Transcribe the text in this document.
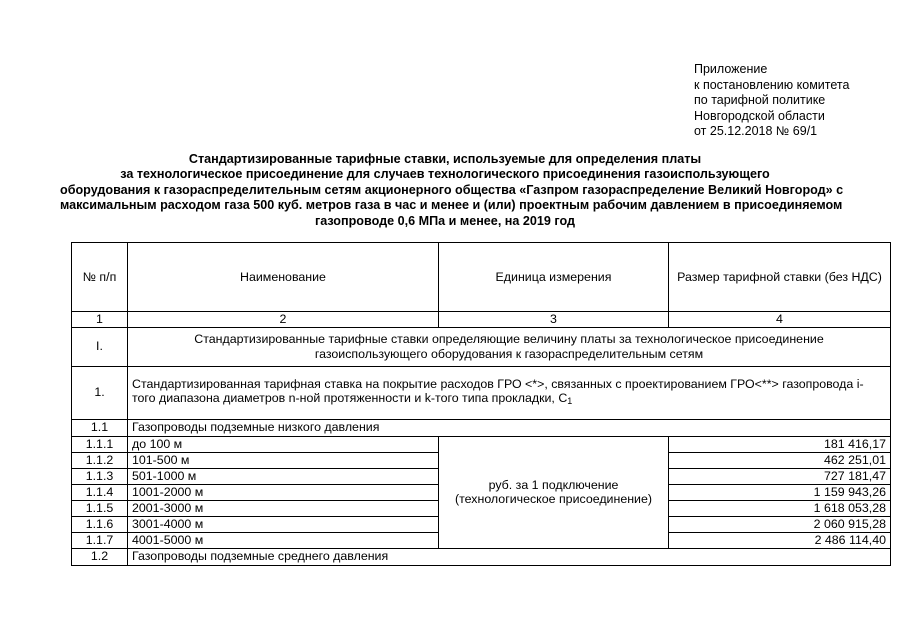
Приложение
к постановлению комитета
по тарифной политике
Новгородской области
от 25.12.2018 № 69/1
Стандартизированные тарифные ставки, используемые для определения платы
за технологическое присоединение для случаев технологического присоединения газоиспользующего
оборудования к газораспределительным сетям акционерного общества «Газпром газораспределение Великий Новгород» с
максимальным расходом газа 500 куб. метров газа в час и менее и (или) проектным рабочим давлением в присоединяемом
газопроводе 0,6 МПа и менее, на 2019 год
№ п/п	Наименование	Единица измерения	Размер тарифной ставки (без НДС)
1	2	3	4
I.	Стандартизированные тарифные ставки определяющие величину платы за технологическое присоединение газоиспользующего оборудования к газораспределительным сетям		
1.	Стандартизированная тарифная ставка на покрытие расходов ГРО <*>, связанных с проектированием ГРО<**> газопровода i-того диапазона диаметров n-ной протяженности и k-того типа прокладки, $С_1$
1.1	Газопроводы подземные низкого давления		
1.1.1	до 100 м	руб. за 1 подключение (технологическое присоединение)	181 416,17
1.1.2	101-500 м		462 251,01
1.1.3	501-1000 м		727 181,47
1.1.4	1001-2000 м		1 159 943,26
1.1.5	2001-3000 м		1 618 053,28
1.1.6	3001-4000 м		2 060 915,28
1.1.7	4001-5000 м		2 486 114,40
1.2	Газопроводы подземные среднего давления		
